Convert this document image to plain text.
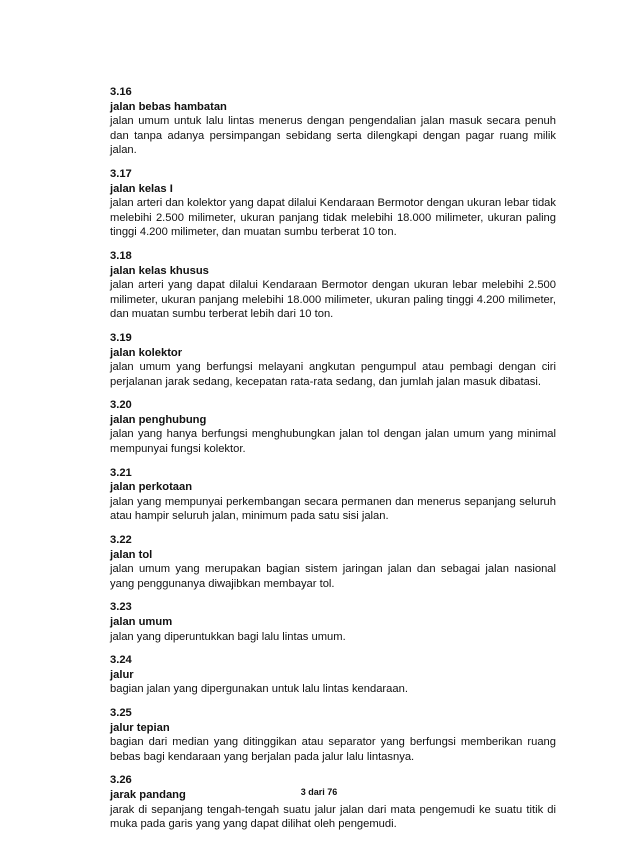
3.16
jalan bebas hambatan
jalan umum untuk lalu lintas menerus dengan pengendalian jalan masuk secara penuh dan tanpa adanya persimpangan sebidang serta dilengkapi dengan pagar ruang milik jalan.
3.17
jalan kelas I
jalan arteri dan kolektor yang dapat dilalui Kendaraan Bermotor dengan ukuran lebar tidak melebihi 2.500 milimeter, ukuran panjang tidak melebihi 18.000 milimeter, ukuran paling tinggi 4.200 milimeter, dan muatan sumbu terberat 10 ton.
3.18
jalan kelas khusus
jalan arteri yang dapat dilalui Kendaraan Bermotor dengan ukuran lebar melebihi 2.500 milimeter, ukuran panjang melebihi 18.000 milimeter, ukuran paling tinggi 4.200 milimeter, dan muatan sumbu terberat lebih dari 10 ton.
3.19
jalan kolektor
jalan umum yang berfungsi melayani angkutan pengumpul atau pembagi dengan ciri perjalanan jarak sedang, kecepatan rata-rata sedang, dan jumlah jalan masuk dibatasi.
3.20
jalan penghubung
jalan yang hanya berfungsi menghubungkan jalan tol dengan jalan umum yang minimal mempunyai fungsi kolektor.
3.21
jalan perkotaan
jalan yang mempunyai perkembangan secara permanen dan menerus sepanjang seluruh atau hampir seluruh jalan, minimum pada satu sisi jalan.
3.22
jalan tol
jalan umum yang merupakan bagian sistem jaringan jalan dan sebagai jalan nasional yang penggunanya diwajibkan membayar tol.
3.23
jalan umum
jalan yang diperuntukkan bagi lalu lintas umum.
3.24
jalur
bagian jalan yang dipergunakan untuk lalu lintas kendaraan.
3.25
jalur tepian
bagian dari median yang ditinggikan atau separator yang berfungsi memberikan ruang bebas bagi kendaraan yang berjalan pada jalur lalu lintasnya.
3.26
jarak pandang
jarak di sepanjang tengah-tengah suatu jalur jalan dari mata pengemudi ke suatu titik di muka pada garis yang yang dapat dilihat oleh pengemudi.
3 dari 76
